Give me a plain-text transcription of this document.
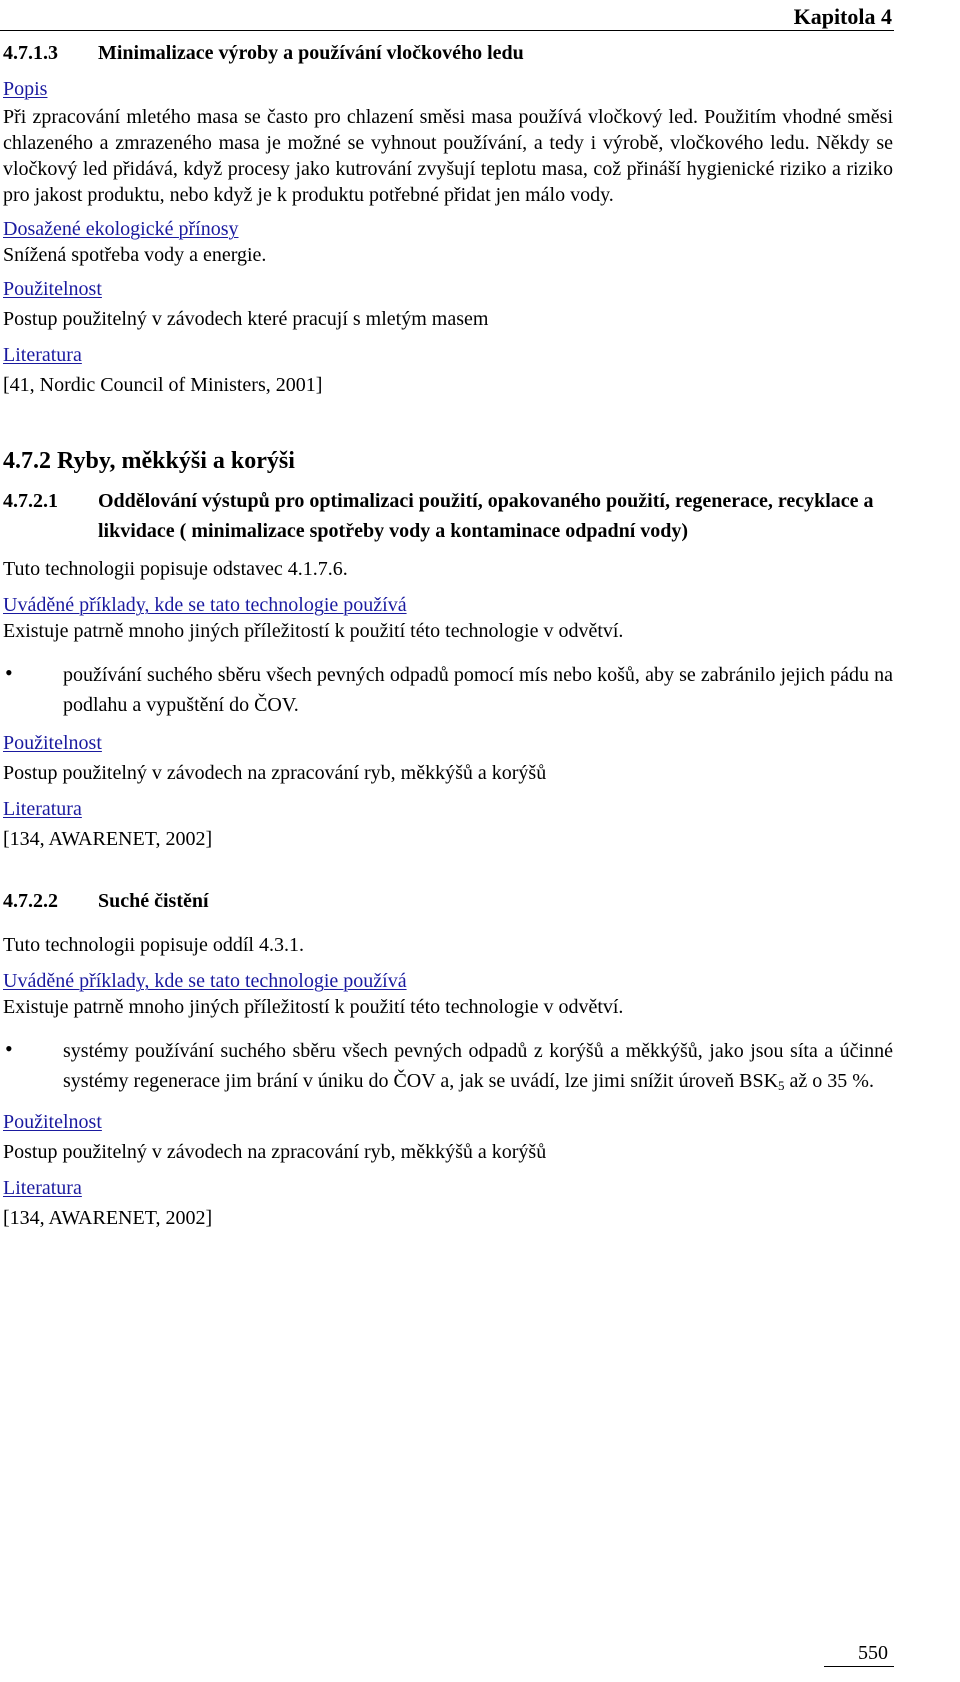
Kapitola 4
4.7.1.3	Minimalizace výroby a používání vločkového ledu

Popis

Při zpracování mletého masa se často pro chlazení směsi masa používá vločkový led. Použitím vhodné směsi chlazeného a zmrazeného masa je možné se vyhnout používání, a tedy i výrobě, vločkového ledu. Někdy se vločkový led přidává, když procesy jako kutrování zvyšují teplotu masa, což přináší hygienické riziko a riziko pro jakost produktu, nebo když je k produktu potřebné přidat jen málo vody.

Dosažené ekologické přínosy

Snížená spotřeba vody a energie.

Použitelnost

Postup použitelný v závodech které pracují s mletým masem

Literatura

[41, Nordic Council of Ministers, 2001]

4.7.2 Ryby, měkkýši a korýši
4.7.2.1	Oddělování výstupů pro optimalizaci použití, opakovaného použití, regenerace, recyklace a likvidace ( minimalizace spotřeby vody a kontaminace odpadní vody)

Tuto technologii popisuje odstavec 4.1.7.6.

Uváděné příklady, kde se tato technologie používá

Existuje patrně mnoho jiných příležitostí k použití této technologie v odvětví.

•	používání suchého sběru všech pevných odpadů pomocí mís nebo košů, aby se zabránilo jejich pádu na podlahu a vypuštění do ČOV.

Použitelnost

Postup použitelný v závodech na zpracování ryb, měkkýšů a korýšů

Literatura

[134, AWARENET, 2002]

4.7.2.2	Suché čistění

Tuto technologii popisuje oddíl 4.3.1.

Uváděné příklady, kde se tato technologie používá

Existuje patrně mnoho jiných příležitostí k použití této technologie v odvětví.

•	systémy používání suchého sběru všech pevných odpadů z korýšů a měkkýšů, jako jsou síta a účinné systémy regenerace jim brání v úniku do ČOV a, jak se uvádí, lze jimi snížit úroveň $BSK_5$ až o 35 %.

Použitelnost

Postup použitelný v závodech na zpracování ryb, měkkýšů a korýšů

Literatura

[134, AWARENET, 2002]

550
